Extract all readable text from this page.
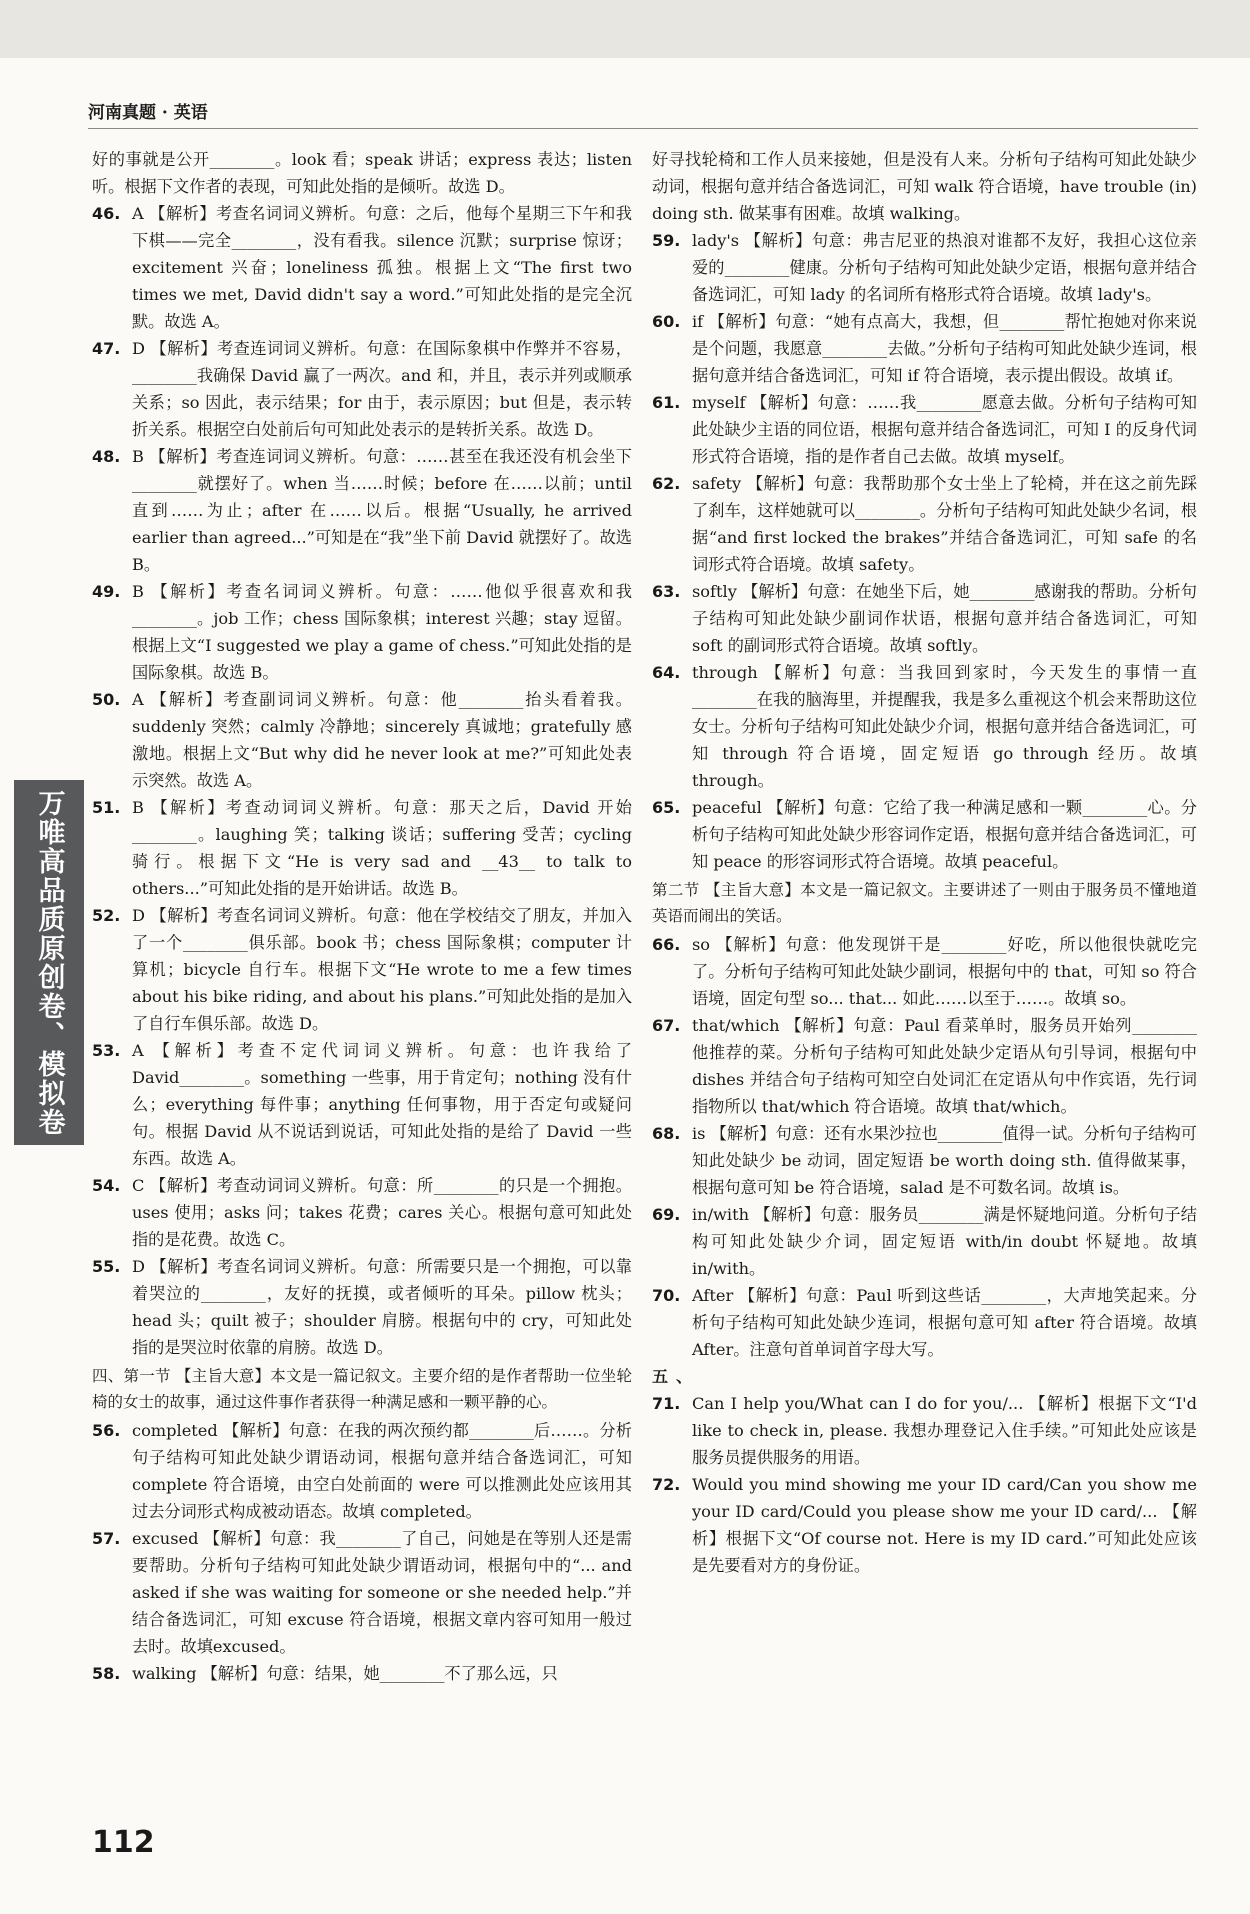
河南真题 · 英语
好的事就是公开________。look 看；speak 讲话；express 表达；listen 听。根据下文作者的表现，可知此处指的是倾听。故选 D。
46. A 【解析】考查名词词义辨析。句意：之后，他每个星期三下午和我下棋——完全________，没有看我。silence 沉默；surprise 惊讶；excitement 兴奋；loneliness 孤独。根据上文“The first two times we met, David didn't say a word.”可知此处指的是完全沉默。故选 A。
47. D 【解析】考查连词词义辨析。句意：在国际象棋中作弊并不容易，________我确保 David 赢了一两次。and 和，并且，表示并列或顺承关系；so 因此，表示结果；for 由于，表示原因；but 但是，表示转折关系。根据空白处前后句可知此处表示的是转折关系。故选 D。
48. B 【解析】考查连词词义辨析。句意：……甚至在我还没有机会坐下________就摆好了。when 当……时候；before 在……以前；until 直到……为止；after 在……以后。根据“Usually, he arrived earlier than agreed...”可知是在“我”坐下前 David 就摆好了。故选 B。
49. B 【解析】考查名词词义辨析。句意：……他似乎很喜欢和我________。job 工作；chess 国际象棋；interest 兴趣；stay 逗留。根据上文“I suggested we play a game of chess.”可知此处指的是国际象棋。故选 B。
50. A 【解析】考查副词词义辨析。句意：他________抬头看着我。suddenly 突然；calmly 冷静地；sincerely 真诚地；gratefully 感激地。根据上文“But why did he never look at me?”可知此处表示突然。故选 A。
51. B 【解析】考查动词词义辨析。句意：那天之后，David 开始________。laughing 笑；talking 谈话；suffering 受苦；cycling 骑行。根据下文“He is very sad and __43__ to talk to others...”可知此处指的是开始讲话。故选 B。
52. D 【解析】考查名词词义辨析。句意：他在学校结交了朋友，并加入了一个________俱乐部。book 书；chess 国际象棋；computer 计算机；bicycle 自行车。根据下文“He wrote to me a few times about his bike riding, and about his plans.”可知此处指的是加入了自行车俱乐部。故选 D。
53. A 【解析】考查不定代词词义辨析。句意：也许我给了 David________。something 一些事，用于肯定句；nothing 没有什么；everything 每件事；anything 任何事物，用于否定句或疑问句。根据 David 从不说话到说话，可知此处指的是给了 David 一些东西。故选 A。
54. C 【解析】考查动词词义辨析。句意：所________的只是一个拥抱。uses 使用；asks 问；takes 花费；cares 关心。根据句意可知此处指的是花费。故选 C。
55. D 【解析】考查名词词义辨析。句意：所需要只是一个拥抱，可以靠着哭泣的________，友好的抚摸，或者倾听的耳朵。pillow 枕头；head 头；quilt 被子；shoulder 肩膀。根据句中的 cry，可知此处指的是哭泣时依靠的肩膀。故选 D。
四、第一节 【主旨大意】本文是一篇记叙文。主要介绍的是作者帮助一位坐轮椅的女士的故事，通过这件事作者获得一种满足感和一颗平静的心。
56. completed 【解析】句意：在我的两次预约都________后……。分析句子结构可知此处缺少谓语动词，根据句意并结合备选词汇，可知 complete 符合语境，由空白处前面的 were 可以推测此处应该用其过去分词形式构成被动语态。故填 completed。
57. excused 【解析】句意：我________了自己，问她是在等别人还是需要帮助。分析句子结构可知此处缺少谓语动词，根据句中的“... and asked if she was waiting for someone or she needed help.”并结合备选词汇，可知 excuse 符合语境，根据文章内容可知用一般过去时。故填excused。
58. walking 【解析】句意：结果，她________不了那么远，只
好寻找轮椅和工作人员来接她，但是没有人来。分析句子结构可知此处缺少动词，根据句意并结合备选词汇，可知 walk 符合语境，have trouble (in) doing sth. 做某事有困难。故填 walking。
59. lady's 【解析】句意：弗吉尼亚的热浪对谁都不友好，我担心这位亲爱的________健康。分析句子结构可知此处缺少定语，根据句意并结合备选词汇，可知 lady 的名词所有格形式符合语境。故填 lady's。
60. if 【解析】句意：“她有点高大，我想，但________帮忙抱她对你来说是个问题，我愿意________去做。”分析句子结构可知此处缺少连词，根据句意并结合备选词汇，可知 if 符合语境，表示提出假设。故填 if。
61. myself 【解析】句意：……我________愿意去做。分析句子结构可知此处缺少主语的同位语，根据句意并结合备选词汇，可知 I 的反身代词形式符合语境，指的是作者自己去做。故填 myself。
62. safety 【解析】句意：我帮助那个女士坐上了轮椅，并在这之前先踩了刹车，这样她就可以________。分析句子结构可知此处缺少名词，根据“and first locked the brakes”并结合备选词汇，可知 safe 的名词形式符合语境。故填 safety。
63. softly 【解析】句意：在她坐下后，她________感谢我的帮助。分析句子结构可知此处缺少副词作状语，根据句意并结合备选词汇，可知 soft 的副词形式符合语境。故填 softly。
64. through 【解析】句意：当我回到家时，今天发生的事情一直________在我的脑海里，并提醒我，我是多么重视这个机会来帮助这位女士。分析句子结构可知此处缺少介词，根据句意并结合备选词汇，可知 through 符合语境，固定短语 go through 经历。故填 through。
65. peaceful 【解析】句意：它给了我一种满足感和一颗________心。分析句子结构可知此处缺少形容词作定语，根据句意并结合备选词汇，可知 peace 的形容词形式符合语境。故填 peaceful。
第二节 【主旨大意】本文是一篇记叙文。主要讲述了一则由于服务员不懂地道英语而闹出的笑话。
66. so 【解析】句意：他发现饼干是________好吃，所以他很快就吃完了。分析句子结构可知此处缺少副词，根据句中的 that，可知 so 符合语境，固定句型 so... that... 如此……以至于……。故填 so。
67. that/which 【解析】句意：Paul 看菜单时，服务员开始列________他推荐的菜。分析句子结构可知此处缺少定语从句引导词，根据句中 dishes 并结合句子结构可知空白处词汇在定语从句中作宾语，先行词指物所以 that/which 符合语境。故填 that/which。
68. is 【解析】句意：还有水果沙拉也________值得一试。分析句子结构可知此处缺少 be 动词，固定短语 be worth doing sth. 值得做某事，根据句意可知 be 符合语境，salad 是不可数名词。故填 is。
69. in/with 【解析】句意：服务员________满是怀疑地问道。分析句子结构可知此处缺少介词，固定短语 with/in doubt 怀疑地。故填 in/with。
70. After 【解析】句意：Paul 听到这些话________，大声地笑起来。分析句子结构可知此处缺少连词，根据句意可知 after 符合语境。故填 After。注意句首单词首字母大写。
五、71. Can I help you/What can I do for you/... 【解析】根据下文“I'd like to check in, please. 我想办理登记入住手续。”可知此处应该是服务员提供服务的用语。
72. Would you mind showing me your ID card/Can you show me your ID card/Could you please show me your ID card/... 【解析】根据下文“Of course not. Here is my ID card.”可知此处应该是先要看对方的身份证。
万唯高品质原创卷、模拟卷
112
